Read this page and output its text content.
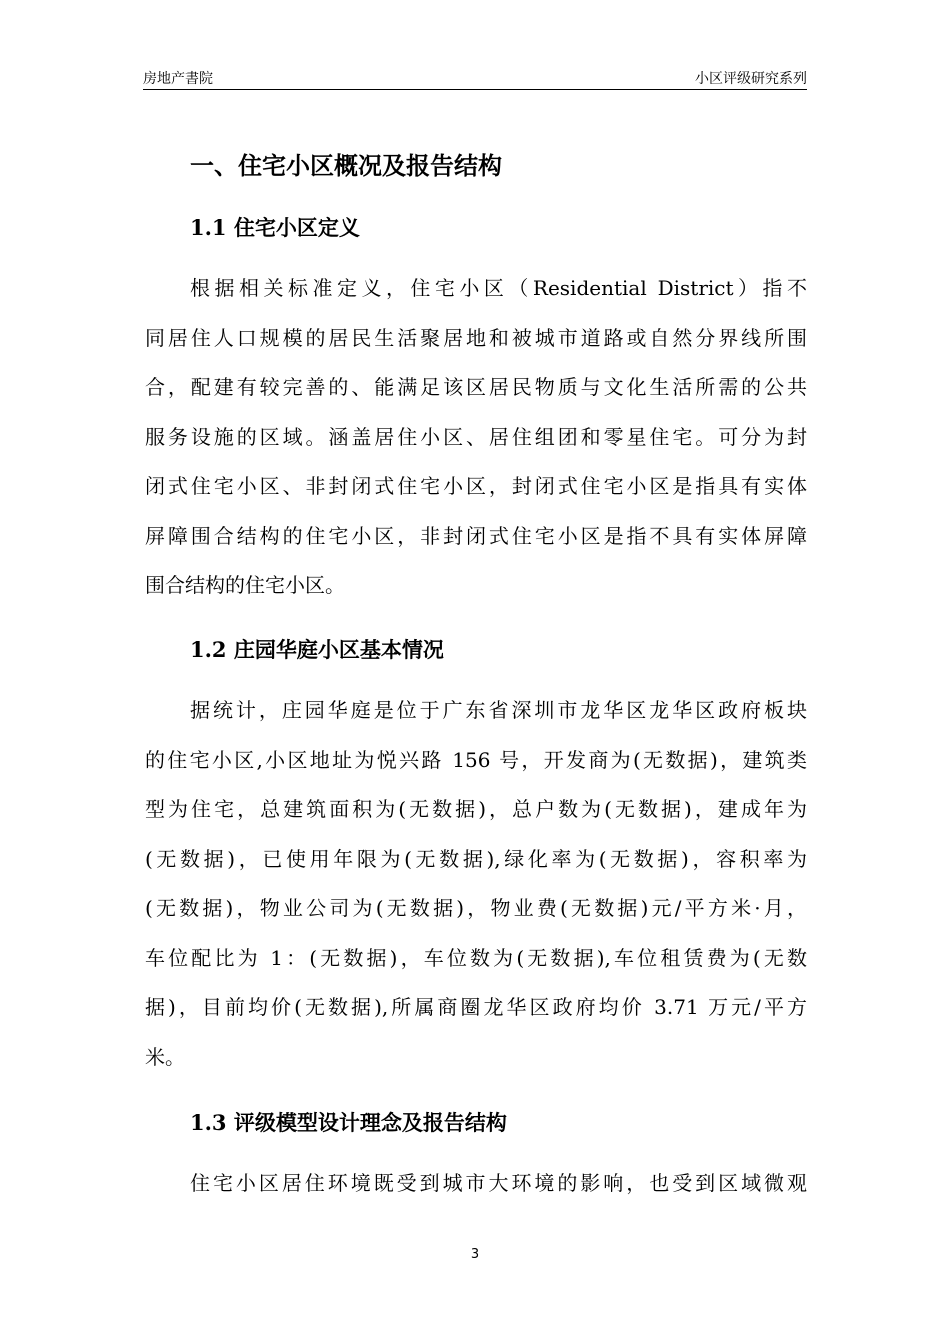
房地产書院	小区评级研究系列
一、住宅小区概况及报告结构
1.1 住宅小区定义
根据相关标准定义，住宅小区（Residential District）指不
同居住人口规模的居民生活聚居地和被城市道路或自然分界线所围
合，配建有较完善的、能满足该区居民物质与文化生活所需的公共
服务设施的区域。涵盖居住小区、居住组团和零星住宅。可分为封
闭式住宅小区、非封闭式住宅小区，封闭式住宅小区是指具有实体
屏障围合结构的住宅小区，非封闭式住宅小区是指不具有实体屏障
围合结构的住宅小区。
1.2 庄园华庭小区基本情况
据统计，庄园华庭是位于广东省深圳市龙华区龙华区政府板块
的住宅小区,小区地址为悦兴路 156 号，开发商为(无数据)，建筑类
型为住宅，总建筑面积为(无数据)，总户数为(无数据)，建成年为
(无数据)，已使用年限为(无数据),绿化率为(无数据)，容积率为
(无数据)，物业公司为(无数据)，物业费(无数据)元/平方米·月，
车位配比为 1：(无数据)，车位数为(无数据),车位租赁费为(无数
据)，目前均价(无数据),所属商圈龙华区政府均价 3.71 万元/平方
米。
1.3 评级模型设计理念及报告结构
住宅小区居住环境既受到城市大环境的影响，也受到区域微观
3
